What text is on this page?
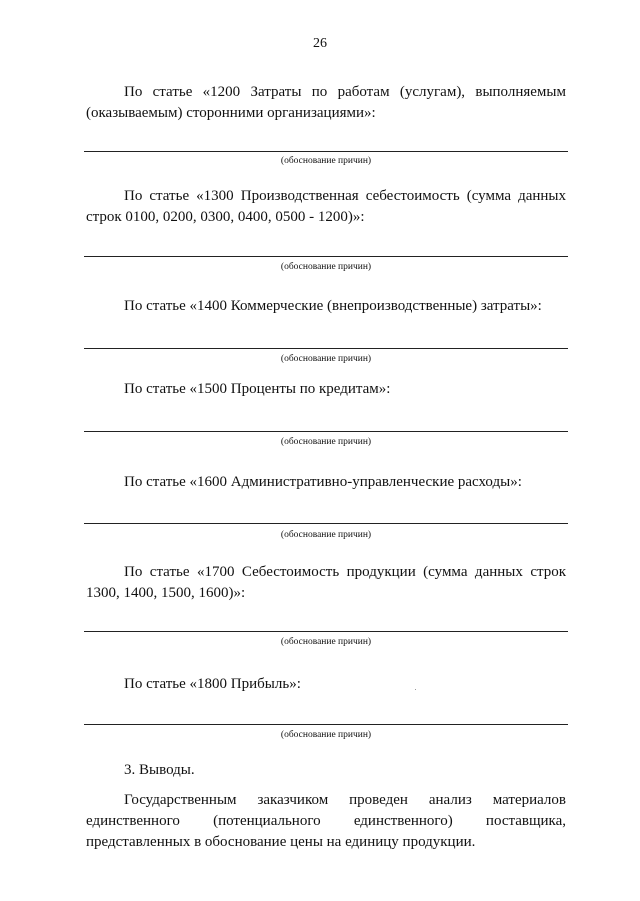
26
По статье «1200 Затраты по работам (услугам), выполняемым (оказываемым) сторонними организациями»:
(обоснование причин)
По статье «1300 Производственная себестоимость (сумма данных строк 0100, 0200, 0300, 0400, 0500 - 1200)»:
(обоснование причин)
По статье «1400 Коммерческие (внепроизводственные) затраты»:
(обоснование причин)
По статье «1500 Проценты по кредитам»:
(обоснование причин)
По статье «1600 Административно-управленческие расходы»:
(обоснование причин)
По статье «1700 Себестоимость продукции (сумма данных строк 1300, 1400, 1500, 1600)»:
(обоснование причин)
По статье «1800 Прибыль»:
(обоснование причин)
3. Выводы.
Государственным заказчиком проведен анализ материалов единственного (потенциального единственного) поставщика, представленных в обоснование цены на единицу продукции.
